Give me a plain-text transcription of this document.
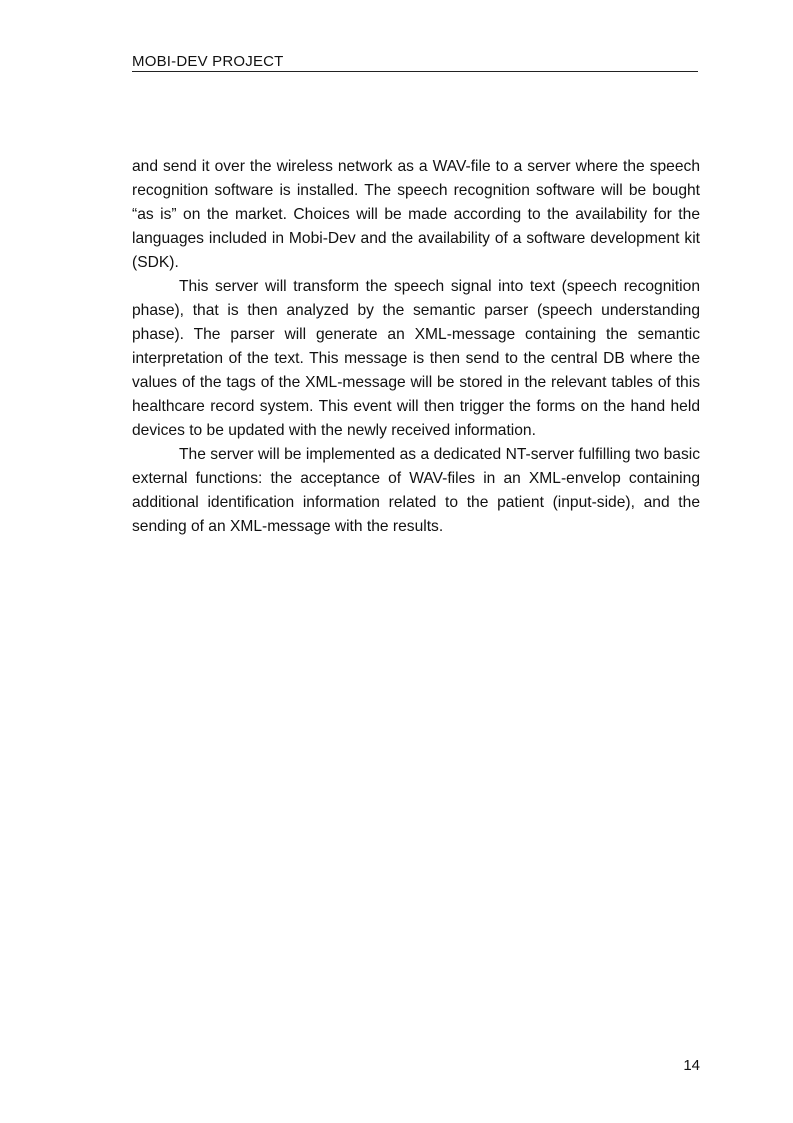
MOBI-DEV PROJECT

and send it over the wireless network as a WAV-file to a server where the speech recognition software is installed. The speech recognition software will be bought “as is” on the market. Choices will be made according to the availability for the languages included in Mobi-Dev and the availability of a software development kit (SDK).

This server will transform the speech signal into text (speech recognition phase), that is then analyzed by the semantic parser (speech understanding phase). The parser will generate an XML-message containing the semantic interpretation of the text. This message is then send to the central DB where the values of the tags of the XML-message will be stored in the relevant tables of this healthcare record system. This event will then trigger the forms on the hand held devices to be updated with the newly received information.

The server will be implemented as a dedicated NT-server fulfilling two basic external functions: the acceptance of WAV-files in an XML-envelop containing additional identification information related to the patient (input-side), and the sending of an XML-message with the results.

14
